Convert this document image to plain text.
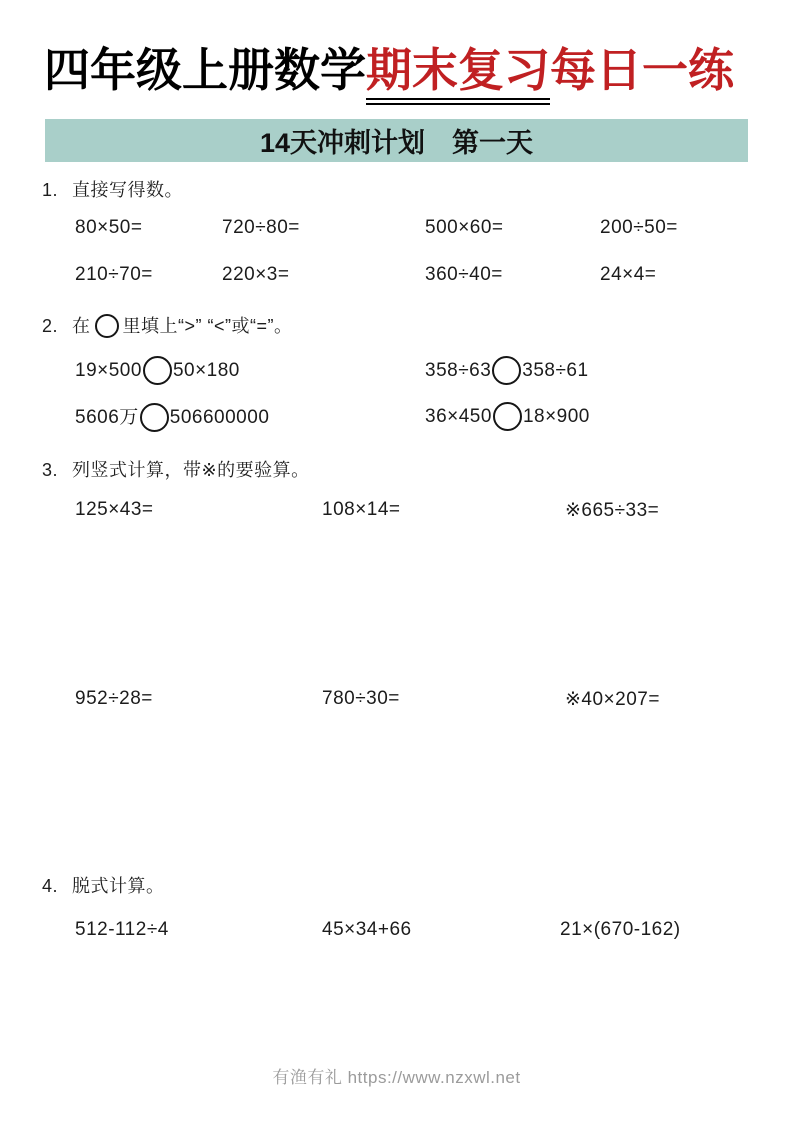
四年级上册数学期末复习每日一练
14天冲刺计划　第一天
1. 直接写得数。
80×50=	720÷80=	500×60=	200÷50=
210÷70=	220×3=	360÷40=	24×4=
2. 在 里填上“>” “<”或“=”。
19×500 50×180	358÷63 358÷61
5606万 506600000	36×450 18×900
3. 列竖式计算，带※的要验算。
125×43=	108×14=	※665÷33=
952÷28=	780÷30=	※40×207=
4. 脱式计算。
512-112÷4	45×34+66	21×(670-162)
有渔有礼 https://www.nzxwl.net
